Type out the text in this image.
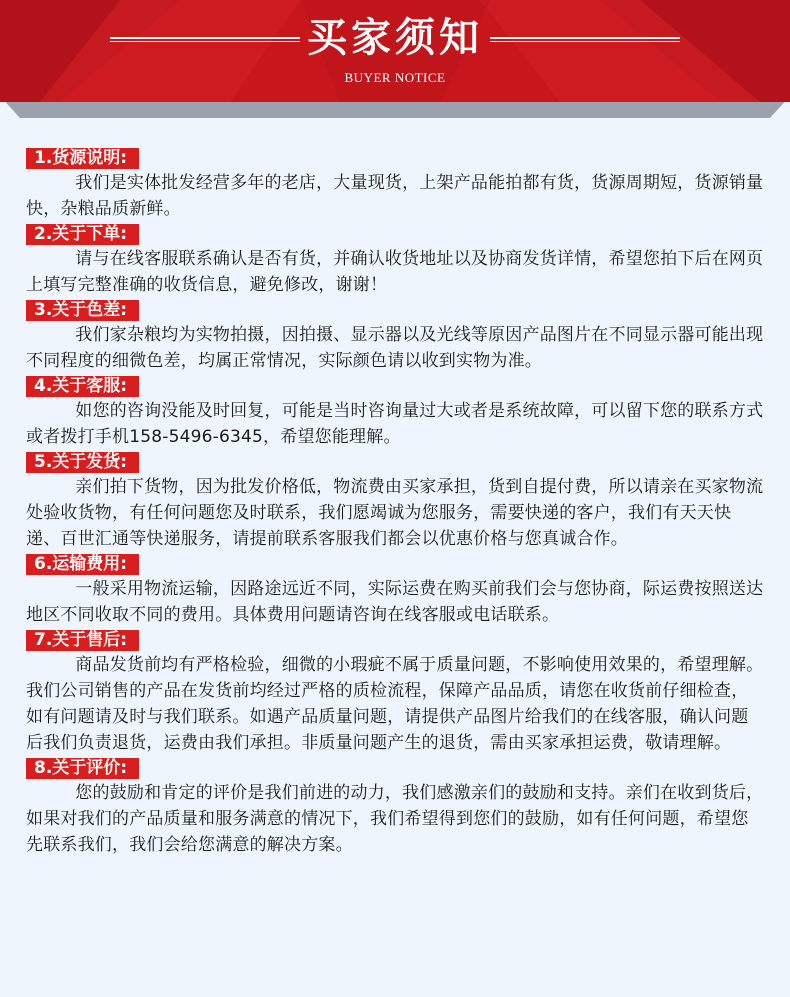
买家须知
BUYER NOTICE
1.货源说明:

我们是实体批发经营多年的老店，大量现货，上架产品能拍都有货，货源周期短，货源销量快，杂粮品质新鲜。

2.关于下单:

请与在线客服联系确认是否有货，并确认收货地址以及协商发货详情，希望您拍下后在网页上填写完整准确的收货信息，避免修改，谢谢！

3.关于色差:

我们家杂粮均为实物拍摄，因拍摄、显示器以及光线等原因产品图片在不同显示器可能出现不同程度的细微色差，均属正常情况，实际颜色请以收到实物为准。

4.关于客服:

如您的咨询没能及时回复，可能是当时咨询量过大或者是系统故障，可以留下您的联系方式或者拨打手机158-5496-6345，希望您能理解。

5.关于发货:

亲们拍下货物，因为批发价格低，物流费由买家承担，货到自提付费，所以请亲在买家物流处验收货物，有任何问题您及时联系，我们愿竭诚为您服务，需要快递的客户，我们有天天快递、百世汇通等快递服务，请提前联系客服我们都会以优惠价格与您真诚合作。

6.运输费用:

一般采用物流运输，因路途远近不同，实际运费在购买前我们会与您协商，际运费按照送达地区不同收取不同的费用。具体费用问题请咨询在线客服或电话联系。

7.关于售后:

商品发货前均有严格检验，细微的小瑕疵不属于质量问题，不影响使用效果的，希望理解。我们公司销售的产品在发货前均经过严格的质检流程，保障产品品质，请您在收货前仔细检查，如有问题请及时与我们联系。如遇产品质量问题，请提供产品图片给我们的在线客服，确认问题后我们负责退货，运费由我们承担。非质量问题产生的退货，需由买家承担运费，敬请理解。

8.关于评价:

您的鼓励和肯定的评价是我们前进的动力，我们感激亲们的鼓励和支持。亲们在收到货后，如果对我们的产品质量和服务满意的情况下，我们希望得到您们的鼓励，如有任何问题，希望您先联系我们，我们会给您满意的解决方案。
